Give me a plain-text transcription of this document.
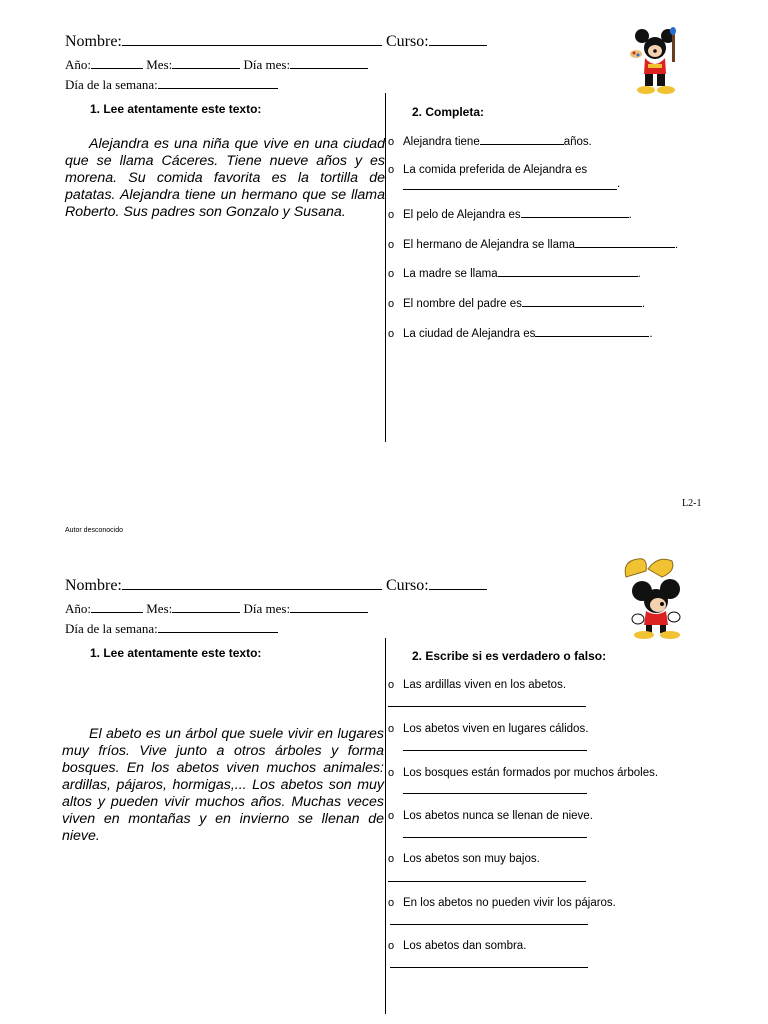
Nombre:	Curso:
Año:	Mes:	Día mes:
Día de la semana:
1. Lee atentamente este texto:	2. Completa:

Alejandra es una niña que vive en una ciudad que se llama Cáceres. Tiene nueve años y es morena. Su comida favorita es la tortilla de patatas. Alejandra tiene un hermano que se llama Roberto. Sus padres son Gonzalo y Susana.

o Alejandra tiene	años.
o La comida preferida de Alejandra es
.
o El pelo de Alejandra es	.
o El hermano de Alejandra se llama	.
o La madre se llama	.
o El nombre del padre es	.
o La ciudad de Alejandra es	.
L2-1
Autor desconocido
Nombre:	Curso:
Año:	Mes:	Día mes:
Día de la semana:
1. Lee atentamente este texto:	2. Escribe si es verdadero o falso:

El abeto es un árbol que suele vivir en lugares muy fríos. Vive junto a otros árboles y forma bosques. En los abetos viven muchos animales: ardillas, pájaros, hormigas,... Los abetos son muy altos y pueden vivir muchos años. Muchas veces viven en montañas y en invierno se llenan de nieve.

o Las ardillas viven en los abetos.
o Los abetos viven en lugares cálidos.
o Los bosques están formados por muchos árboles.
o Los abetos nunca se llenan de nieve.
o Los abetos son muy bajos.
o En los abetos no pueden vivir los pájaros.
o Los abetos dan sombra.
